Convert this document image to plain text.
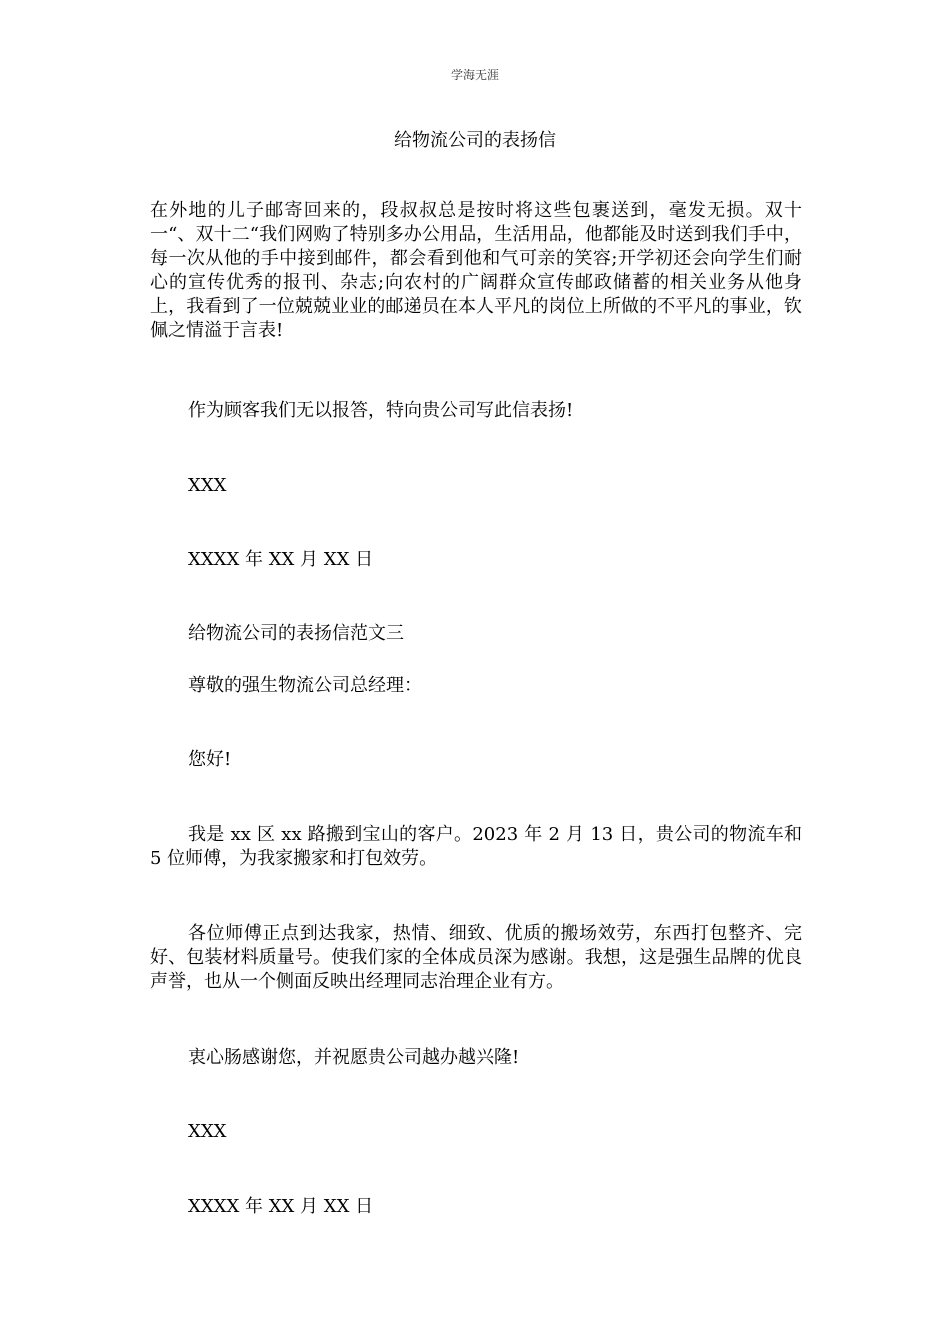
学海无涯
给物流公司的表扬信

在外地的儿子邮寄回来的，段叔叔总是按时将这些包裹送到，毫发无损。双十一“、双十二“我们网购了特别多办公用品，生活用品，他都能及时送到我们手中，每一次从他的手中接到邮件，都会看到他和气可亲的笑容;开学初还会向学生们耐心的宣传优秀的报刊、杂志;向农村的广阔群众宣传邮政储蓄的相关业务从他身上，我看到了一位兢兢业业的邮递员在本人平凡的岗位上所做的不平凡的事业，钦佩之情溢于言表!

作为顾客我们无以报答，特向贵公司写此信表扬!

XXX

XXXX 年 XX 月 XX 日

给物流公司的表扬信范文三

尊敬的强生物流公司总经理：

您好!

我是 xx 区 xx 路搬到宝山的客户。2023 年 2 月 13 日，贵公司的物流车和 5 位师傅，为我家搬家和打包效劳。

各位师傅正点到达我家，热情、细致、优质的搬场效劳，东西打包整齐、完好、包装材料质量号。使我们家的全体成员深为感谢。我想，这是强生品牌的优良声誉，也从一个侧面反映出经理同志治理企业有方。

衷心肠感谢您，并祝愿贵公司越办越兴隆!

XXX

XXXX 年 XX 月 XX 日
